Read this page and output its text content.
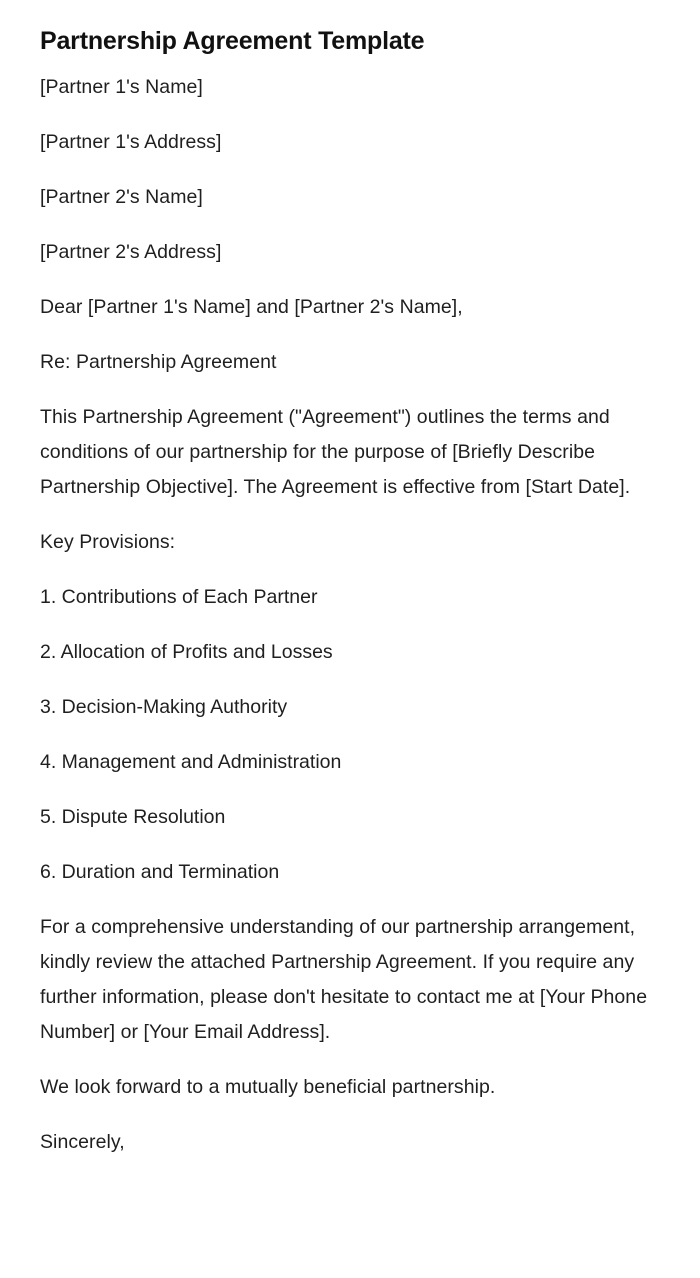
Partnership Agreement Template

[Partner 1's Name]

[Partner 1's Address]

[Partner 2's Name]

[Partner 2's Address]

Dear [Partner 1's Name] and [Partner 2's Name],

Re: Partnership Agreement

This Partnership Agreement ("Agreement") outlines the terms and conditions of our partnership for the purpose of [Briefly Describe Partnership Objective]. The Agreement is effective from [Start Date].

Key Provisions:

1. Contributions of Each Partner
2. Allocation of Profits and Losses
3. Decision-Making Authority
4. Management and Administration
5. Dispute Resolution
6. Duration and Termination

For a comprehensive understanding of our partnership arrangement, kindly review the attached Partnership Agreement. If you require any further information, please don't hesitate to contact me at [Your Phone Number] or [Your Email Address].

We look forward to a mutually beneficial partnership.

Sincerely,
